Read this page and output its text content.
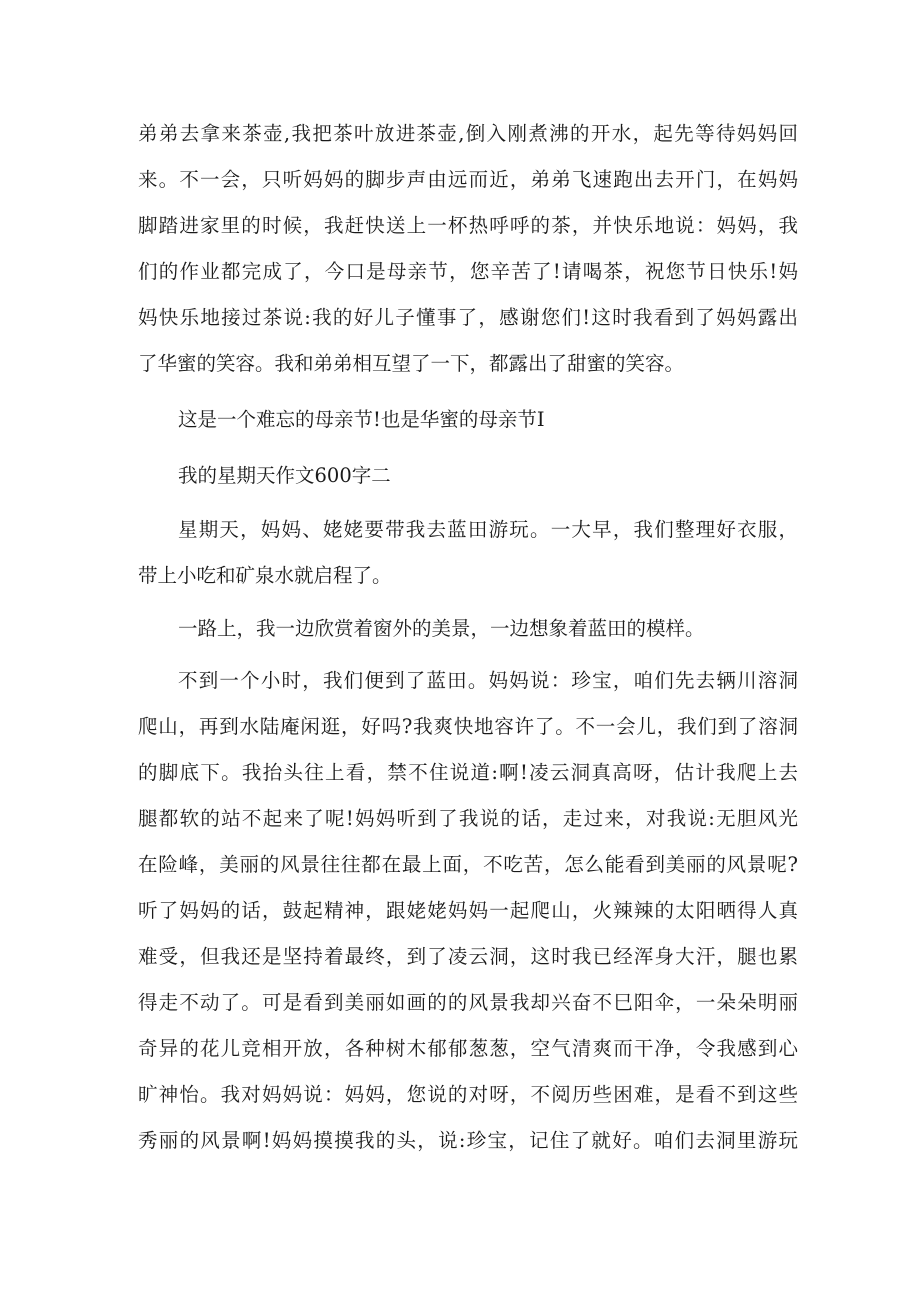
弟弟去拿来茶壶,我把茶叶放进茶壶,倒入刚煮沸的开水，起先等待妈妈回

来。不一会，只听妈妈的脚步声由远而近，弟弟飞速跑出去开门，在妈妈

脚踏进家里的时候，我赶快送上一杯热呼呼的茶，并快乐地说：妈妈，我

们的作业都完成了，今口是母亲节，您辛苦了!请喝茶，祝您节日快乐!妈

妈快乐地接过茶说:我的好儿子懂事了，感谢您们!这时我看到了妈妈露出

了华蜜的笑容。我和弟弟相互望了一下，都露出了甜蜜的笑容。

这是一个难忘的母亲节!也是华蜜的母亲节I

我的星期天作文600字二

星期天，妈妈、姥姥要带我去蓝田游玩。一大早，我们整理好衣服，

带上小吃和矿泉水就启程了。

一路上，我一边欣赏着窗外的美景，一边想象着蓝田的模样。

不到一个小时，我们便到了蓝田。妈妈说：珍宝，咱们先去辆川溶洞

爬山，再到水陆庵闲逛，好吗?我爽快地容许了。不一会儿，我们到了溶洞

的脚底下。我抬头往上看，禁不住说道:啊!凌云洞真高呀，估计我爬上去

腿都软的站不起来了呢!妈妈听到了我说的话，走过来，对我说:无胆风光

在险峰，美丽的风景往往都在最上面，不吃苦，怎么能看到美丽的风景呢?

听了妈妈的话，鼓起精神，跟姥姥妈妈一起爬山，火辣辣的太阳晒得人真

难受，但我还是坚持着最终，到了凌云洞，这时我已经浑身大汗，腿也累

得走不动了。可是看到美丽如画的的风景我却兴奋不巳阳伞，一朵朵明丽

奇异的花儿竞相开放，各种树木郁郁葱葱，空气清爽而干净，令我感到心

旷神怡。我对妈妈说：妈妈，您说的对呀，不阅历些困难，是看不到这些

秀丽的风景啊!妈妈摸摸我的头，说:珍宝，记住了就好。咱们去洞里游玩
